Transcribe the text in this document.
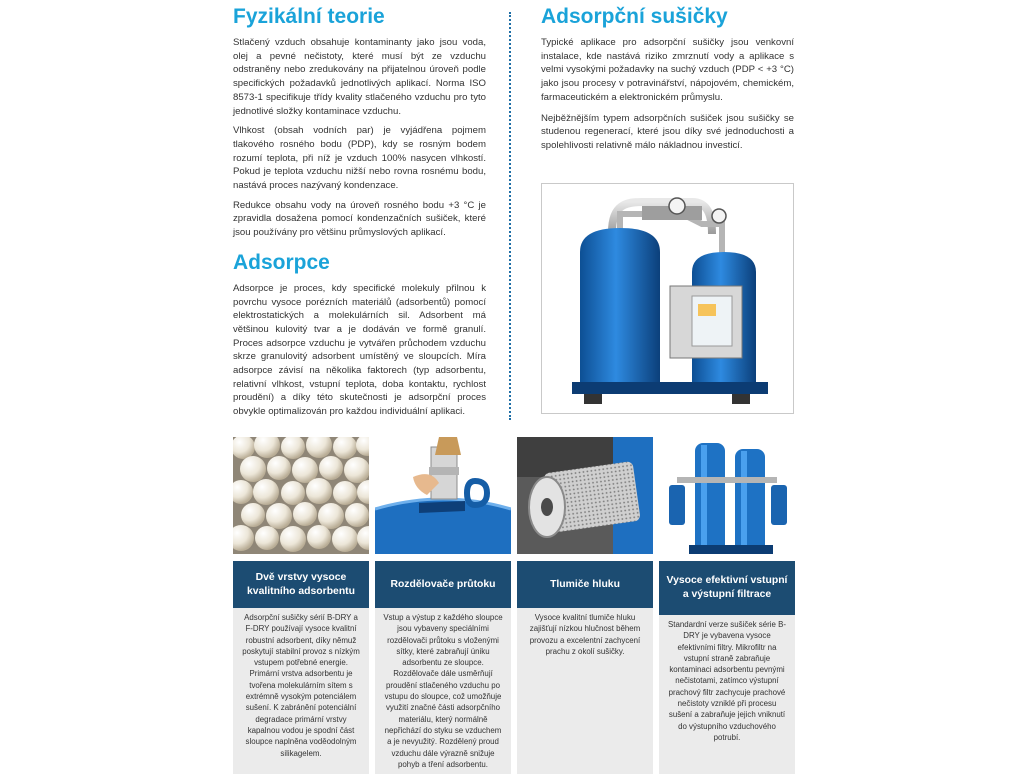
Fyzikální teorie

Stlačený vzduch obsahuje kontaminanty jako jsou voda, olej a pevné nečistoty, které musí být ze vzduchu odstraněny nebo zredukovány na přijatelnou úroveň podle specifických požadavků jednotlivých aplikací. Norma ISO 8573-1 specifikuje třídy kvality stlačeného vzduchu pro tyto jednotlivé složky kontaminace vzduchu.

Vlhkost (obsah vodních par) je vyjádřena pojmem tlakového rosného bodu (PDP), kdy se rosným bodem rozumí teplota, při níž je vzduch 100% nasycen vlhkostí. Pokud je teplota vzduchu nižší nebo rovna rosnému bodu, nastává proces nazývaný kondenzace.

Redukce obsahu vody na úroveň rosného bodu +3 °C je zpravidla dosažena pomocí kondenzačních sušiček, které jsou používány pro většinu průmyslových aplikací.

Adsorpce

Adsorpce je proces, kdy specifické molekuly přilnou k povrchu vysoce porézních materiálů (adsorbentů) pomocí elektrostatických a molekulárních sil. Adsorbent má většinou kulovitý tvar a je dodáván ve formě granulí. Proces adsorpce vzduchu je vytvářen průchodem vzduchu skrze granulovitý adsorbent umístěný ve sloupcích. Míra adsorpce závisí na několika faktorech (typ adsorbentu, relativní vlhkost, vstupní teplota, doba kontaktu, rychlost proudění) a díky této skutečnosti je adsorpční proces obvykle optimalizován pro každou individuální aplikaci.

Adsorpční sušičky

Typické aplikace pro adsorpční sušičky jsou venkovní instalace, kde nastává riziko zmrznutí vody a aplikace s velmi vysokými požadavky na suchý vzduch (PDP < +3 °C) jako jsou procesy v potravinářství, nápojovém, chemickém, farmaceutickém a elektronickém průmyslu.

Nejběžnějším typem adsorpčních sušiček jsou sušičky se studenou regenerací, které jsou díky své jednoduchosti a spolehlivosti relativně málo nákladnou investicí.

Dvě vrstvy vysoce kvalitního adsorbentu
Adsorpční sušičky sérií B-DRY a F-DRY používají vysoce kvalitní robustní adsorbent, díky němuž poskytují stabilní provoz s nízkým vstupem potřebné energie. Primární vrstva adsorbentu je tvořena molekulárním sítem s extrémně vysokým potenciálem sušení. K zabránění potenciální degradace primární vrstvy kapalnou vodou je spodní část sloupce naplněna voděodolným silikagelem.
Rozdělovače průtoku
Vstup a výstup z každého sloupce jsou vybaveny speciálními rozdělovači průtoku s vloženými sítky, které zabraňují úniku adsorbentu ze sloupce. Rozdělovače dále usměrňují proudění stlačeného vzduchu po vstupu do sloupce, což umožňuje využití značné části adsorpčního materiálu, který normálně nepřichází do styku se vzduchem a je nevyužitý. Rozdělený proud vzduchu dále výrazně snižuje pohyb a tření adsorbentu.
Tlumiče hluku
Vysoce kvalitní tlumiče hluku zajišťují nízkou hlučnost během provozu a excelentní zachycení prachu z okolí sušičky.
Vysoce efektivní vstupní a výstupní filtrace
Standardní verze sušiček série B-DRY je vybavena vysoce efektivními filtry. Mikrofiltr na vstupní straně zabraňuje kontaminaci adsorbentu pevnými nečistotami, zatímco výstupní prachový filtr zachycuje prachové nečistoty vzniklé při procesu sušení a zabraňuje jejich vniknutí do výstupního vzduchového potrubí.
